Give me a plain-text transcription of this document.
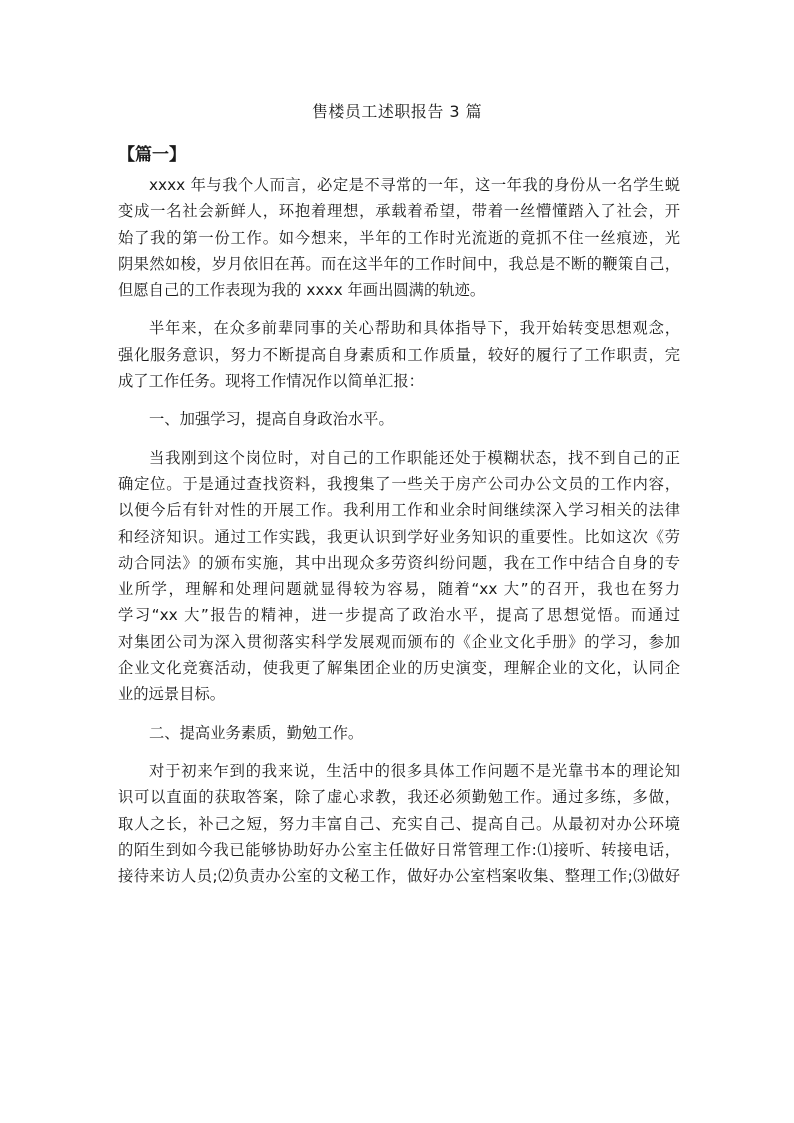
售楼员工述职报告 3 篇
【篇一】
xxxx 年与我个人而言，必定是不寻常的一年，这一年我的身份从一名学生蜕
变成一名社会新鲜人，环抱着理想，承载着希望，带着一丝懵懂踏入了社会，开
始了我的第一份工作。如今想来，半年的工作时光流逝的竟抓不住一丝痕迹，光
阴果然如梭，岁月依旧在苒。而在这半年的工作时间中，我总是不断的鞭策自己，
但愿自己的工作表现为我的 xxxx 年画出圆满的轨迹。
半年来，在众多前辈同事的关心帮助和具体指导下，我开始转变思想观念，
强化服务意识，努力不断提高自身素质和工作质量，较好的履行了工作职责，完
成了工作任务。现将工作情况作以简单汇报：
一、加强学习，提高自身政治水平。
当我刚到这个岗位时，对自己的工作职能还处于模糊状态，找不到自己的正
确定位。于是通过查找资料，我搜集了一些关于房产公司办公文员的工作内容，
以便今后有针对性的开展工作。我利用工作和业余时间继续深入学习相关的法律
和经济知识。通过工作实践，我更认识到学好业务知识的重要性。比如这次《劳
动合同法》的颁布实施，其中出现众多劳资纠纷问题，我在工作中结合自身的专
业所学，理解和处理问题就显得较为容易，随着“xx 大”的召开，我也在努力
学习“xx 大”报告的精神，进一步提高了政治水平，提高了思想觉悟。而通过
对集团公司为深入贯彻落实科学发展观而颁布的《企业文化手册》的学习，参加
企业文化竞赛活动，使我更了解集团企业的历史演变，理解企业的文化，认同企
业的远景目标。
二、提高业务素质，勤勉工作。
对于初来乍到的我来说，生活中的很多具体工作问题不是光靠书本的理论知
识可以直面的获取答案，除了虚心求教，我还必须勤勉工作。通过多练，多做，
取人之长，补己之短，努力丰富自己、充实自己、提高自己。从最初对办公环境
的陌生到如今我已能够协助好办公室主任做好日常管理工作:⑴接听、转接电话，
接待来访人员;⑵负责办公室的文秘工作，做好办公室档案收集、整理工作;⑶做好
